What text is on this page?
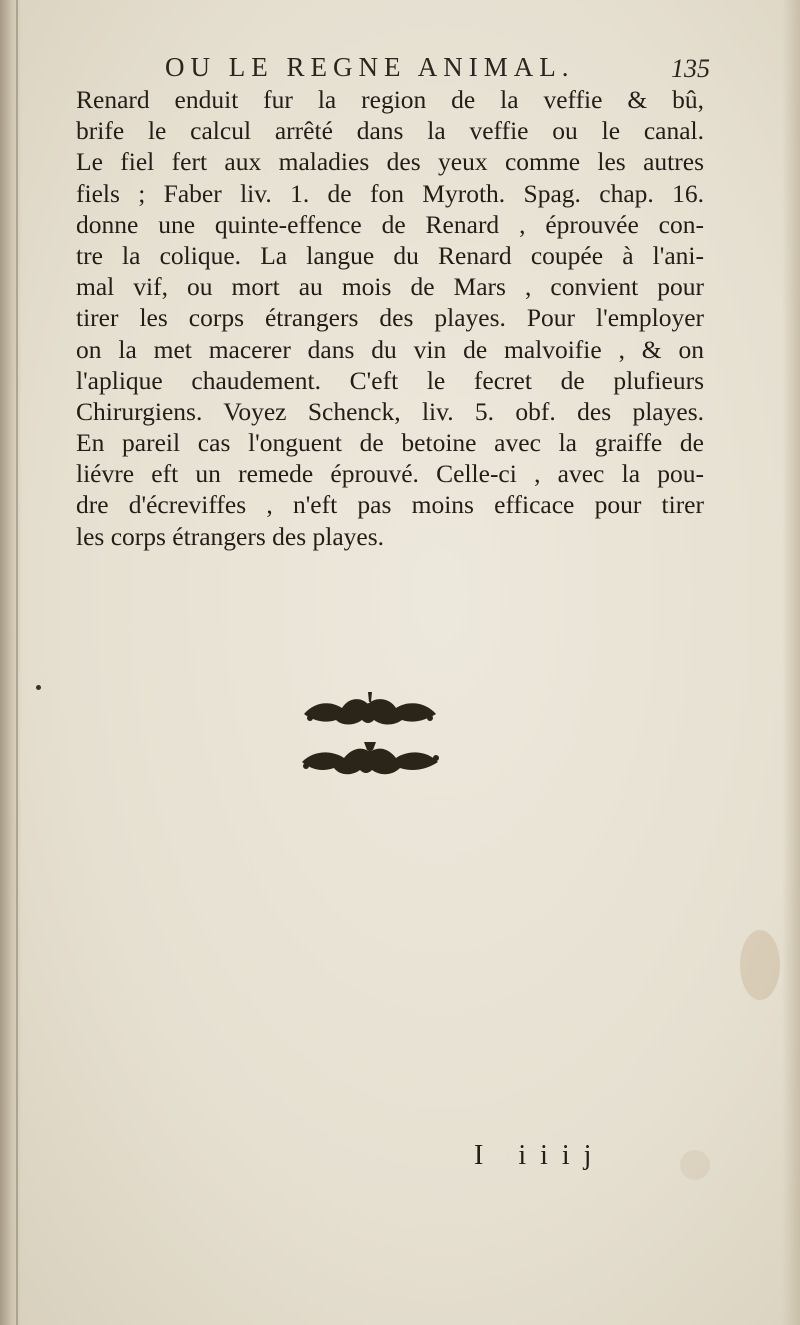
OU LE REGNE ANIMAL.	135
Renard enduit fur la region de la veffie & bû,
brife le calcul arrêté dans la veffie ou le canal.
Le fiel fert aux maladies des yeux comme les autres
fiels ; Faber liv. 1. de fon Myroth. Spag. chap. 16.
donne une quinte-effence de Renard , éprouvée con-
tre la colique. La langue du Renard coupée à l'ani-
mal vif, ou mort au mois de Mars , convient pour
tirer les corps étrangers des playes. Pour l'employer
on la met macerer dans du vin de malvoifie , & on
l'aplique chaudement. C'eft le fecret de plufieurs
Chirurgiens. Voyez Schenck, liv. 5. obf. des playes.
En pareil cas l'onguent de betoine avec la graiffe de
liévre eft un remede éprouvé. Celle-ci , avec la pou-
dre d'écreviffes , n'eft pas moins efficace pour tirer
les corps étrangers des playes.
I iiij
